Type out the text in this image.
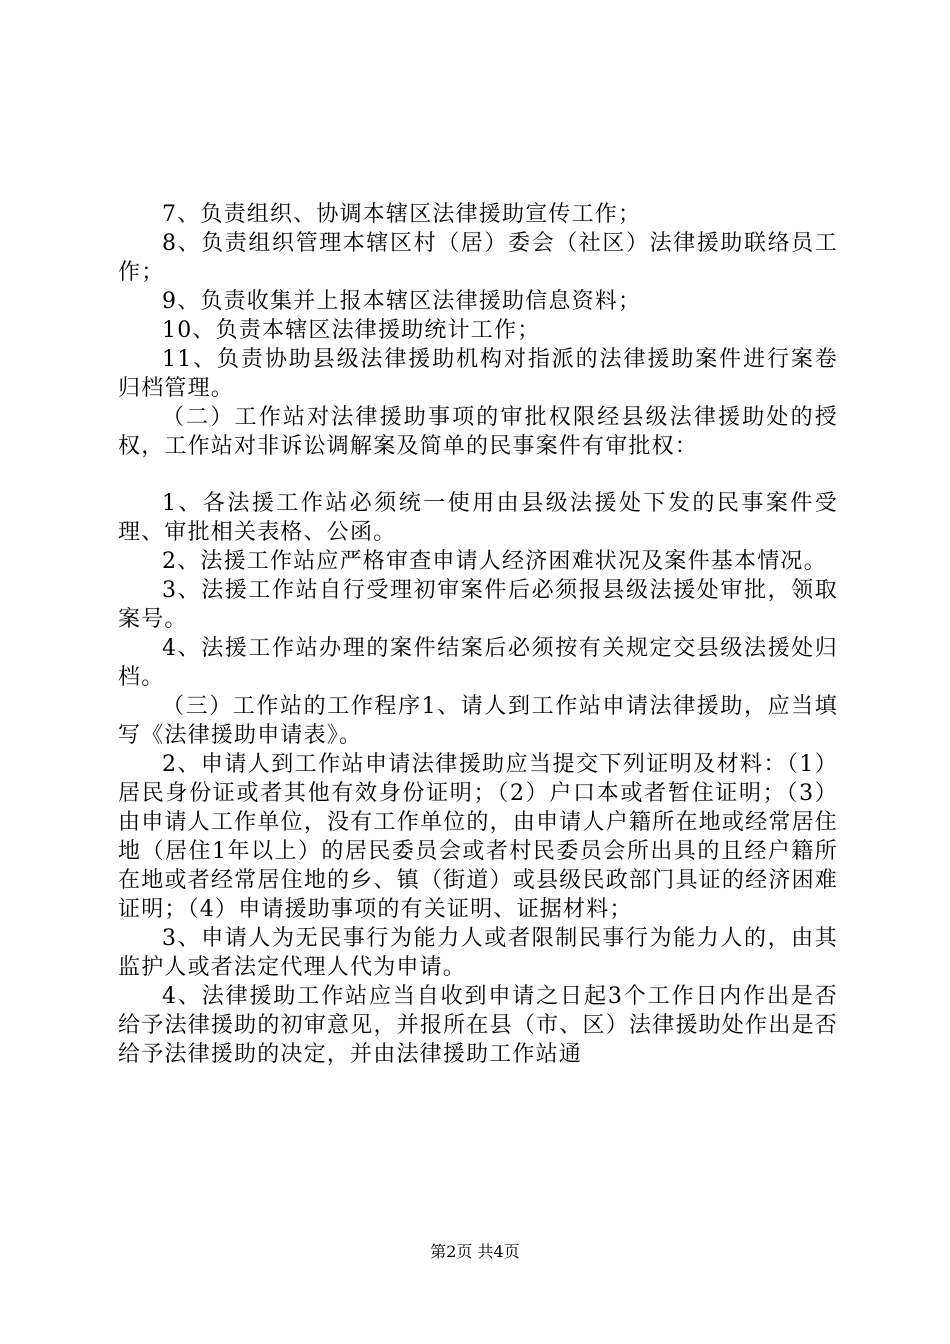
7、负责组织、协调本辖区法律援助宣传工作；

8、负责组织管理本辖区村（居）委会（社区）法律援助联络员工作；

9、负责收集并上报本辖区法律援助信息资料；

10、负责本辖区法律援助统计工作；

11、负责协助县级法律援助机构对指派的法律援助案件进行案卷归档管理。

（二）工作站对法律援助事项的审批权限经县级法律援助处的授权，工作站对非诉讼调解案及简单的民事案件有审批权：

1、各法援工作站必须统一使用由县级法援处下发的民事案件受理、审批相关表格、公函。

2、法援工作站应严格审查申请人经济困难状况及案件基本情况。

3、法援工作站自行受理初审案件后必须报县级法援处审批，领取案号。

4、法援工作站办理的案件结案后必须按有关规定交县级法援处归档。

（三）工作站的工作程序1、请人到工作站申请法律援助，应当填写《法律援助申请表》。

2、申请人到工作站申请法律援助应当提交下列证明及材料：（1）居民身份证或者其他有效身份证明；（2）户口本或者暂住证明；（3）由申请人工作单位，没有工作单位的，由申请人户籍所在地或经常居住地（居住1年以上）的居民委员会或者村民委员会所出具的且经户籍所在地或者经常居住地的乡、镇（街道）或县级民政部门具证的经济困难证明；（4）申请援助事项的有关证明、证据材料；

3、申请人为无民事行为能力人或者限制民事行为能力人的，由其监护人或者法定代理人代为申请。

4、法律援助工作站应当自收到申请之日起3个工作日内作出是否给予法律援助的初审意见，并报所在县（市、区）法律援助处作出是否给予法律援助的决定，并由法律援助工作站通

第2页 共4页
